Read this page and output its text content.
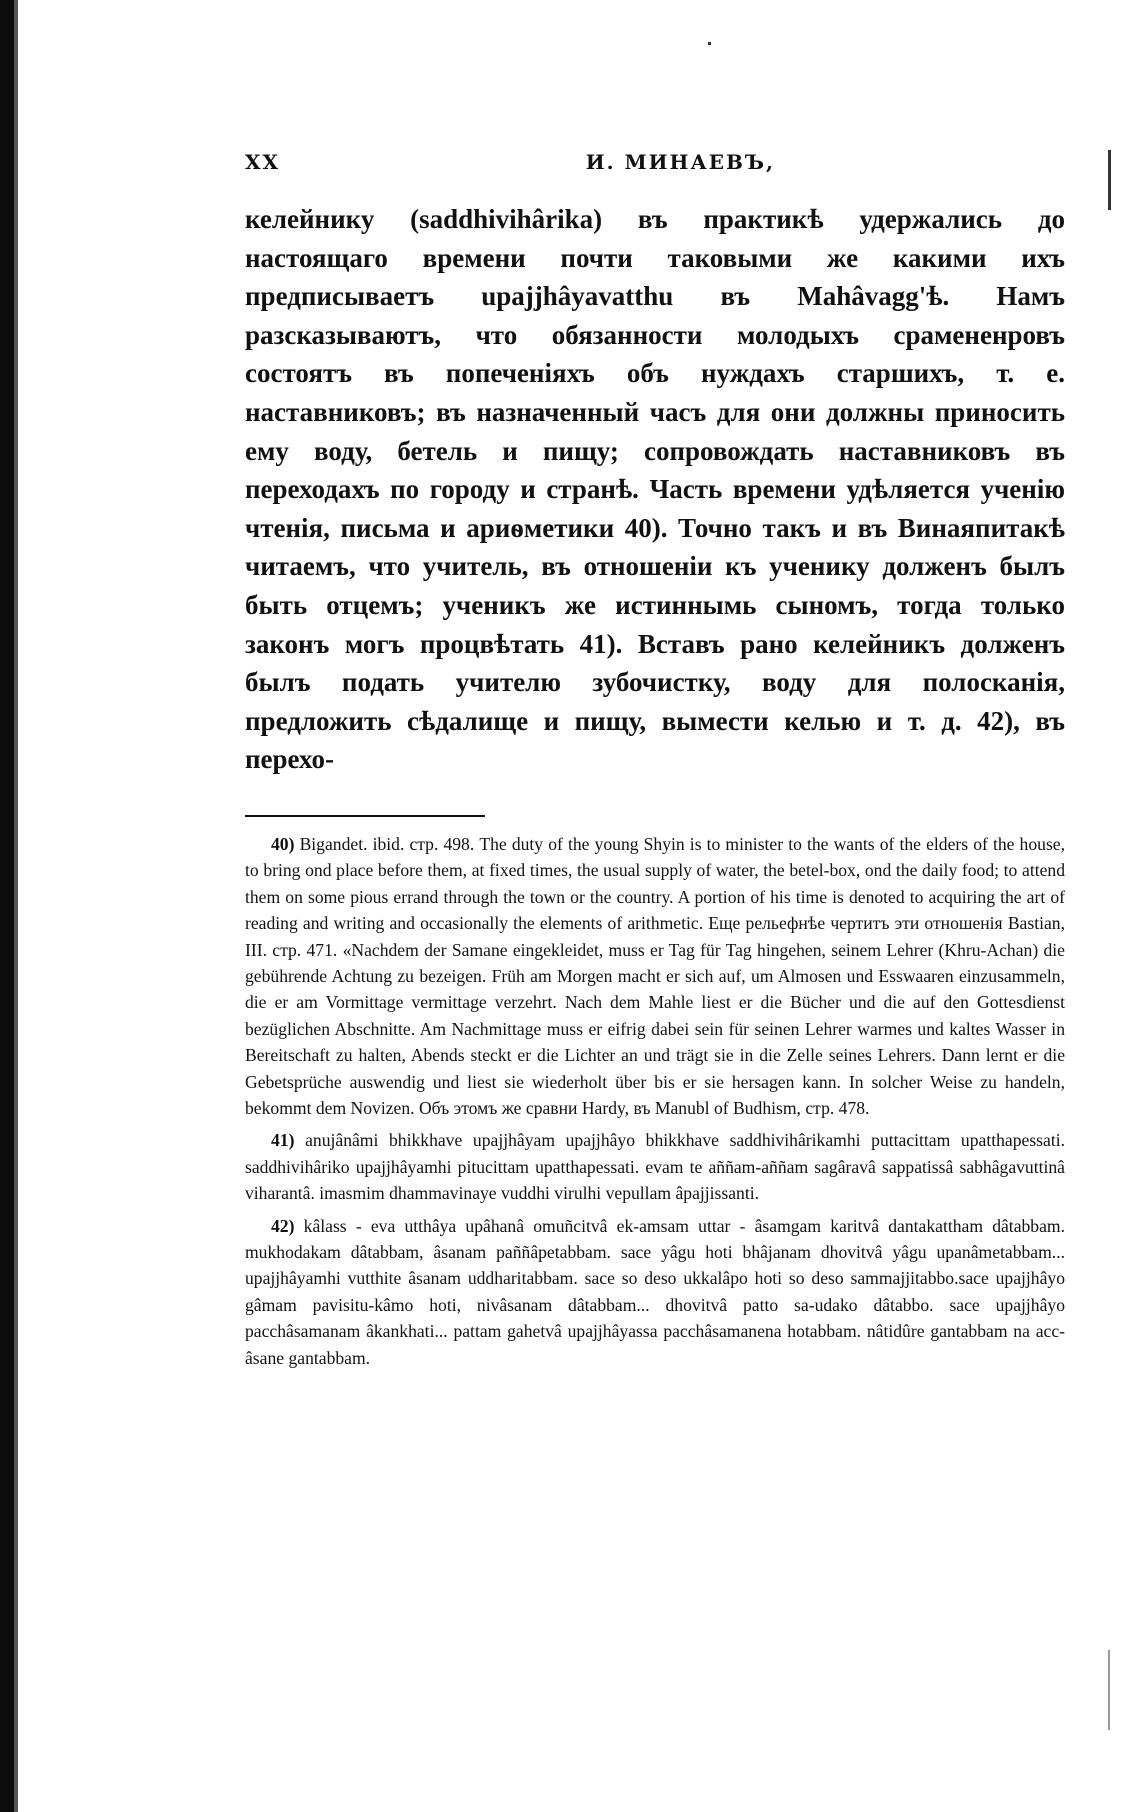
XX	И. МИНАЕВЪ,

келейнику (saddhivihârika) въ практикѣ удержались до настоящаго времени почти таковыми же какими ихъ предписываетъ upajjhâyavatthu въ Mahâvagg'ѣ. Намъ разсказываютъ, что обязанности молодыхъ срамененровъ состоятъ въ попеченіяхъ объ нуждахъ старшихъ, т. е. наставниковъ; въ назначенный часъ для они должны приносить ему воду, бетель и пищу; сопровождать наставниковъ въ переходахъ по городу и странѣ. Часть времени удѣляется ученію чтенія, письма и ариѳметики 40). Точно такъ и въ Винаяпитакѣ читаемъ, что учитель, въ отношеніи къ ученику долженъ былъ быть отцемъ; ученикъ же истиннымь сыномъ, тогда только законъ могъ процвѣтать 41). Вставъ рано келейникъ долженъ былъ подать учителю зубочистку, воду для полосканія, предложить сѣдалище и пищу, вымести келью и т. д. 42), въ перехо-

40) Bigandet. ibid. стр. 498. The duty of the young Shyin is to minister to the wants of the elders of the house, to bring ond place before them, at fixed times, the usual supply of water, the betel-box, ond the daily food; to attend them on some pious errand through the town or the country. A portion of his time is denoted to acquiring the art of reading and writing and occasionally the elements of arithmetic. Еще рельефнѣе чертитъ эти отношенія Bastian, III. стр. 471. «Nachdem der Samane eingekleidet, muss er Tag für Tag hingehen, seinem Lehrer (Khru-Achan) die gebührende Achtung zu bezeigen. Früh am Morgen macht er sich auf, um Almosen und Esswaaren einzusammeln, die er am Vormittage vermittage verzehrt. Nach dem Mahle liest er die Bücher und die auf den Gottesdienst bezüglichen Abschnitte. Am Nachmittage muss er eifrig dabei sein für seinen Lehrer warmes und kaltes Wasser in Bereitschaft zu halten, Abends steckt er die Lichter an und trägt sie in die Zelle seines Lehrers. Dann lernt er die Gebetsprüche auswendig und liest sie wiederholt über bis er sie hersagen kann. In solcher Weise zu handeln, bekommt dem Novizen. Объ этомъ же сравни Hardy, въ Manubl of Budhism, стр. 478.

41) anujânâmi bhikkhave upajjhâyam upajjhâyo bhikkhave saddhivihârikamhi puttacittam upatthapessati. saddhivihâriko upajjhâyamhi pitucittam upatthapessati. evam te aññam-aññam sagâravâ sappatissâ sabhâgavuttinâ viharantâ. imasmim dhammavinaye vuddhi virulhi vepullam âpajjissanti.

42) kâlass - eva utthâya upâhanâ omuñcitvâ ek-amsam uttar - âsamgam karitvâ dantakattham dâtabbam. mukhodakam dâtabbam, âsanam paññâpetabbam. sace yâgu hoti bhâjanam dhovitvâ yâgu upanâmetabbam... upajjhâyamhi vutthite âsanam uddharitabbam. sace so deso ukkalâpo hoti so deso sammajjitabbo.sace upajjhâyo gâmam pavisitu-kâmo hoti, nivâsanam dâtabbam... dhovitvâ patto sa-udako dâtabbo. sace upajjhâyo pacchâsamanam âkankhati... pattam gahetvâ upajjhâyassa pacchâsamanena hotabbam. nâtidûre gantabbam na acc-âsane gantabbam.
